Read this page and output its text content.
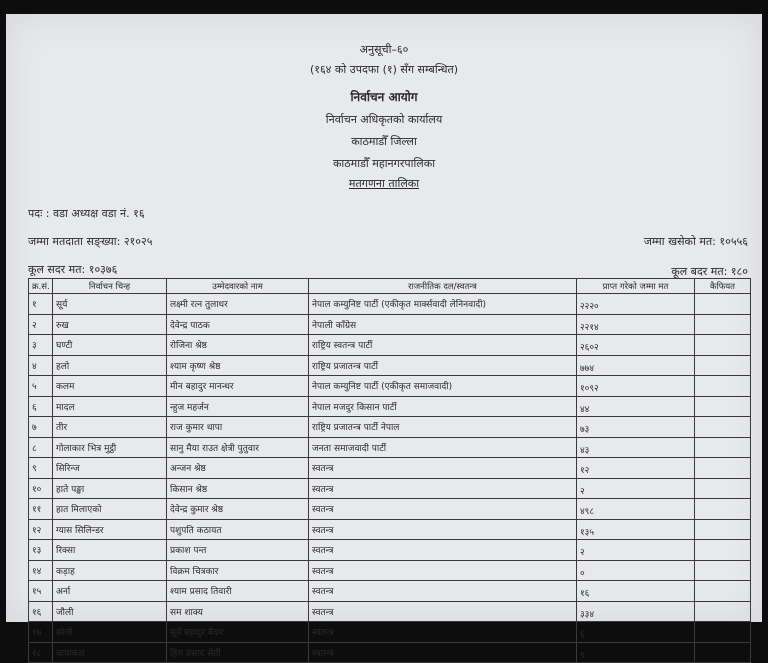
अनुसूची–६०
(१६४ को उपदफा (१) सँग सम्बन्धित)
निर्वाचन आयोग
निर्वाचन अधिकृतको कार्यालय
काठमाडौँ जिल्ला
काठमाडौँ महानगरपालिका
मतगणना तालिका
पदः : वडा अध्यक्ष वडा नं. १६
जम्मा मतदाता सङ्ख्या: २१०२५	जम्मा खसेको मत: १०५५६
कूल सदर मत: १०३७६	कूल बदर मत: १८०
क्र.सं.	निर्वाचन चिन्ह	उम्मेदवारको नाम	राजनीतिक दल/स्वतन्त्र	प्राप्त गरेको जम्मा मत	कैफियत
१	सूर्य	लक्ष्मी रत्न तुलाधर	नेपाल कम्युनिष्ट पार्टी (एकीकृत मार्क्सवादी लेनिनवादी)	२२२०	
२	रुख	देवेन्द्र पाठक	नेपाली काँग्रेस	२२१४	
३	घण्टी	रोजिना श्रेष्ठ	राष्ट्रिय स्वतन्त्र पार्टी	२६०२	
४	हलो	श्याम कृष्ण श्रेष्ठ	राष्ट्रिय प्रजातन्त्र पार्टी	७७४	
५	कलम	मीन बहादुर मानन्धर	नेपाल कम्युनिष्ट पार्टी (एकीकृत समाजवादी)	१०९२	
६	मादल	न्हुज महर्जन	नेपाल मजदुर किसान पार्टी	४४	
७	तीर	राज कुमार थापा	राष्ट्रिय प्रजातन्त्र पार्टी नेपाल	७३	
८	गोलाकार भित्र मुट्ठी	सानु मैया राउत क्षेत्री पुतुवार	जनता समाजवादी पार्टी	४३	
९	सिरिन्ज	अन्जन श्रेष्ठ	स्वतन्त्र	१२	
१०	हाते पङ्खा	किसान श्रेष्ठ	स्वतन्त्र	२	
११	हात मिलाएको	देवेन्द्र कुमार श्रेष्ठ	स्वतन्त्र	४९८	
१२	ग्यास सिलिन्डर	पशुपति कठायत	स्वतन्त्र	१३५	
१३	रिक्सा	प्रकाश पन्त	स्वतन्त्र	२	
१४	कड़ाह	विक्रम चित्रकार	स्वतन्त्र	०	
१५	अर्ना	श्याम प्रसाद तिवारी	स्वतन्त्र	१६	
१६	जौली	सम शाक्य	स्वतन्त्र	३३४	
१७	सोली	सूर्य बहादुर बैदार	स्वतन्त्र	६	
१८	चापाकल	हिरा प्रसाद सेती	स्वतन्त्र	९	
